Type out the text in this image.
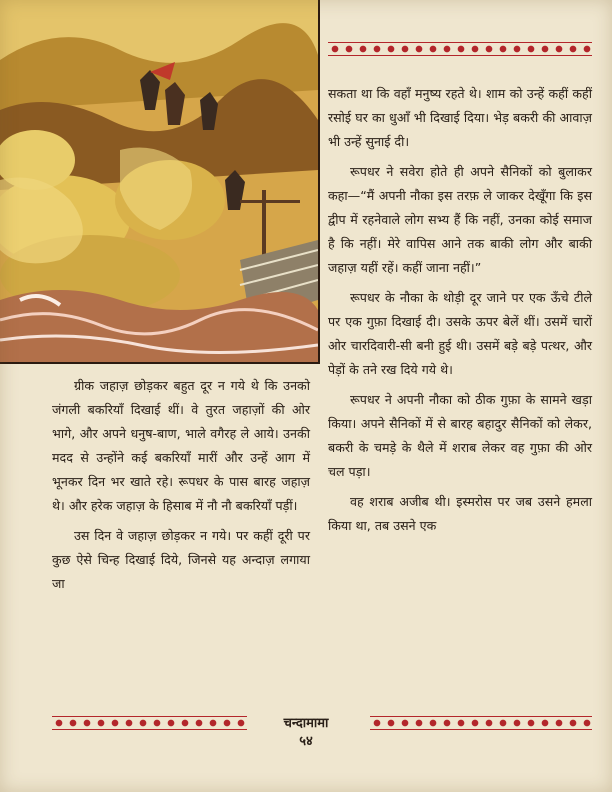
सकता था कि वहाँ मनुष्य रहते थे। शाम को उन्हें कहीं कहीं रसोई घर का धुआँ भी दिखाई दिया। भेड़ बकरी की आवाज़ भी उन्हें सुनाई दी।

रूपधर ने सवेरा होते ही अपने सैनिकों को बुलाकर कहा—“मैं अपनी नौका इस तरफ़ ले जाकर देखूँगा कि इस द्वीप में रहनेवाले लोग सभ्य हैं कि नहीं, उनका कोई समाज है कि नहीं। मेरे वापिस आने तक बाकी लोग और बाकी जहाज़ यहीं रहें। कहीं जाना नहीं।”

रूपधर के नौका के थोड़ी दूर जाने पर एक ऊँचे टीले पर एक गुफ़ा दिखाई दी। उसके ऊपर बेलें थीं। उसमें चारों ओर चारदिवारी-सी बनी हुई थी। उसमें बड़े बड़े पत्थर, और पेड़ों के तने रख दिये गये थे।

रूपधर ने अपनी नौका को ठीक गुफ़ा के सामने खड़ा किया। अपने सैनिकों में से बारह बहादुर सैनिकों को लेकर, बकरी के चमड़े के थैले में शराब लेकर वह गुफ़ा की ओर चल पड़ा।

वह शराब अजीब थी। इस्मरोस पर जब उसने हमला किया था, तब उसने एक

ग्रीक जहाज़ छोड़कर बहुत दूर न गये थे कि उनको जंगली बकरियाँ दिखाई थीं। वे तुरत जहाज़ों की ओर भागे, और अपने धनुष-बाण, भाले वगैरह ले आये। उनकी मदद से उन्होंने कई बकरियाँ मारीं और उन्हें आग में भूनकर दिन भर खाते रहे। रूपधर के पास बारह जहाज़ थे। और हरेक जहाज़ के हिसाब में नौ नौ बकरियाँ पड़ीं।

उस दिन वे जहाज़ छोड़कर न गये। पर कहीं दूरी पर कुछ ऐसे चिन्ह दिखाई दिये, जिनसे यह अन्दाज़ लगाया जा

चन्दामामा
५४
